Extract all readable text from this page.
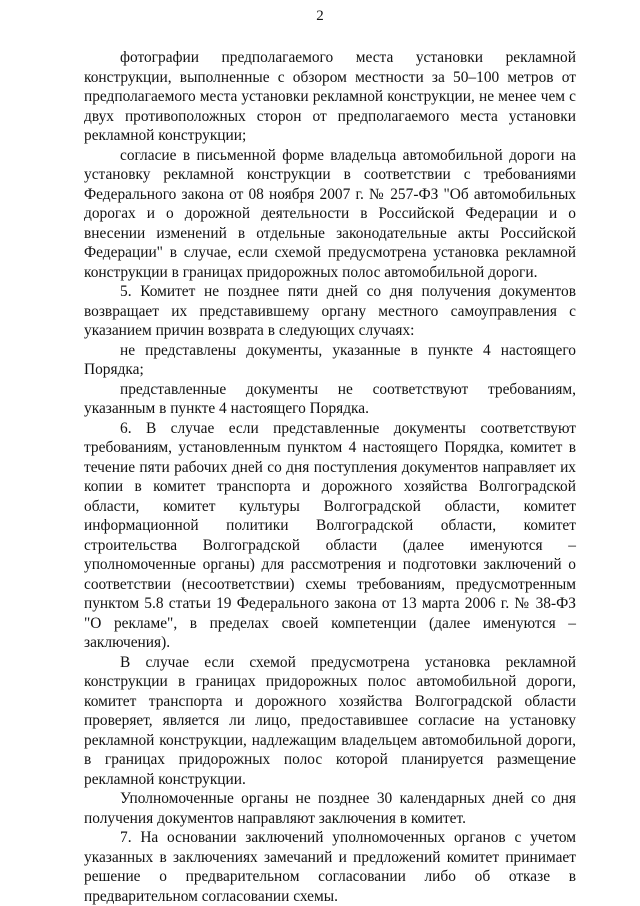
2

фотографии предполагаемого места установки рекламной конструкции, выполненные с обзором местности за 50–100 метров от предполагаемого места установки рекламной конструкции, не менее чем с двух противоположных сторон от предполагаемого места установки рекламной конструкции;

согласие в письменной форме владельца автомобильной дороги на установку рекламной конструкции в соответствии с требованиями Федерального закона от 08 ноября 2007 г. № 257-ФЗ "Об автомобильных дорогах и о дорожной деятельности в Российской Федерации и о внесении изменений в отдельные законодательные акты Российской Федерации" в случае, если схемой предусмотрена установка рекламной конструкции в границах придорожных полос автомобильной дороги.

5. Комитет не позднее пяти дней со дня получения документов возвращает их представившему органу местного самоуправления с указанием причин возврата в следующих случаях:

не представлены документы, указанные в пункте 4 настоящего Порядка;

представленные документы не соответствуют требованиям, указанным в пункте 4 настоящего Порядка.

6. В случае если представленные документы соответствуют требованиям, установленным пунктом 4 настоящего Порядка, комитет в течение пяти рабочих дней со дня поступления документов направляет их копии в комитет транспорта и дорожного хозяйства Волгоградской области, комитет культуры Волгоградской области, комитет информационной политики Волгоградской области, комитет строительства Волгоградской области (далее именуются – уполномоченные органы) для рассмотрения и подготовки заключений о соответствии (несоответствии) схемы требованиям, предусмотренным пунктом 5.8 статьи 19 Федерального закона от 13 марта 2006 г. № 38-ФЗ "О рекламе", в пределах своей компетенции (далее именуются – заключения).

В случае если схемой предусмотрена установка рекламной конструкции в границах придорожных полос автомобильной дороги, комитет транспорта и дорожного хозяйства Волгоградской области проверяет, является ли лицо, предоставившее согласие на установку рекламной конструкции, надлежащим владельцем автомобильной дороги, в границах придорожных полос которой планируется размещение рекламной конструкции.

Уполномоченные органы не позднее 30 календарных дней со дня получения документов направляют заключения в комитет.

7. На основании заключений уполномоченных органов с учетом указанных в заключениях замечаний и предложений комитет принимает решение о предварительном согласовании либо об отказе в предварительном согласовании схемы.
